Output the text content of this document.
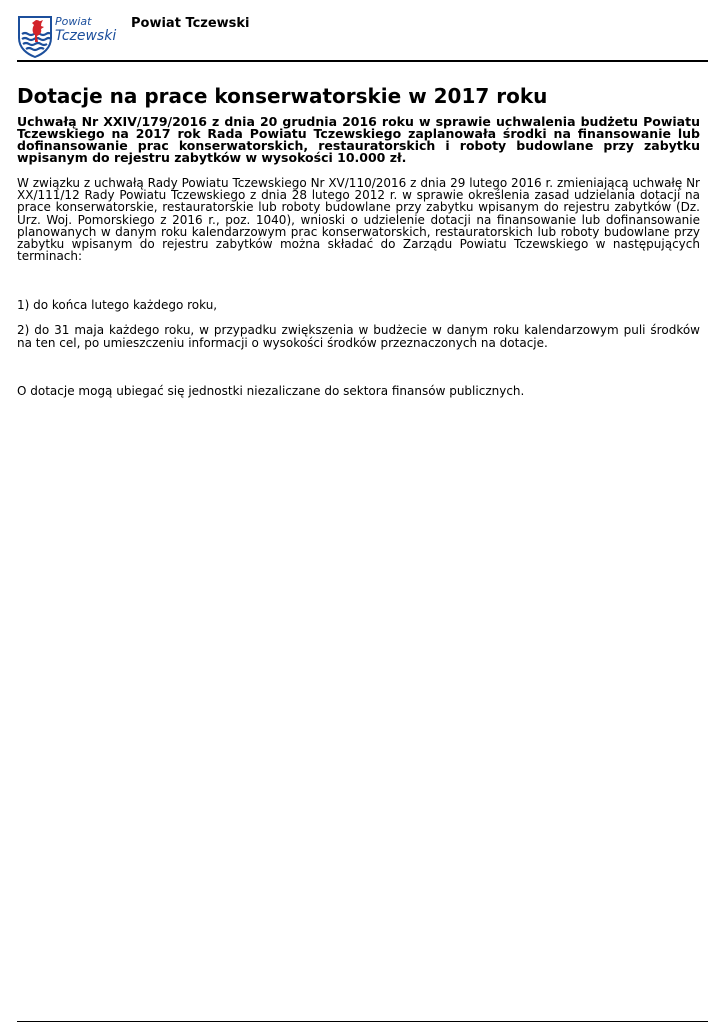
Powiat
Tczewski
Powiat Tczewski
Dotacje na prace konserwatorskie w 2017 roku

Uchwałą Nr XXIV/179/2016 z dnia 20 grudnia 2016 roku w sprawie uchwalenia budżetu Powiatu Tczewskiego na 2017 rok Rada Powiatu Tczewskiego zaplanowała środki na finansowanie lub dofinansowanie prac konserwatorskich, restauratorskich i roboty budowlane przy zabytku wpisanym do rejestru zabytków w wysokości 10.000 zł.

W związku z uchwałą Rady Powiatu Tczewskiego Nr XV/110/2016 z dnia 29 lutego 2016 r. zmieniającą uchwałę Nr XX/111/12 Rady Powiatu Tczewskiego z dnia 28 lutego 2012 r. w sprawie określenia zasad udzielania dotacji na prace konserwatorskie, restauratorskie lub roboty budowlane przy zabytku wpisanym do rejestru zabytków (Dz. Urz. Woj. Pomorskiego z 2016 r., poz. 1040), wnioski o udzielenie dotacji na finansowanie lub dofinansowanie planowanych w danym roku kalendarzowym prac konserwatorskich, restauratorskich lub roboty budowlane przy zabytku wpisanym do rejestru zabytków można składać do Zarządu Powiatu Tczewskiego w następujących terminach:

1) do końca lutego każdego roku,

2) do 31 maja każdego roku, w przypadku zwiększenia w budżecie w danym roku kalendarzowym puli środków na ten cel, po umieszczeniu informacji o wysokości środków przeznaczonych na dotacje.

O dotacje mogą ubiegać się jednostki niezaliczane do sektora finansów publicznych.
